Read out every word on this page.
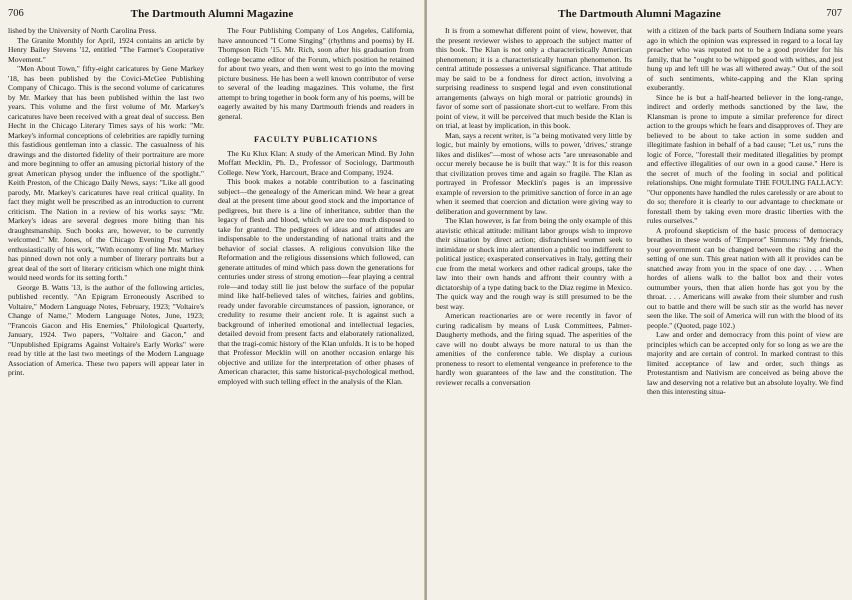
706	The Dartmouth Alumni Magazine

lished by the University of North Carolina Press.

The Granite Monthly for April, 1924 contains an article by Henry Bailey Stevens '12, entitled "The Farmer's Cooperative Movement."

"Men About Town," fifty-eight caricatures by Gene Markey '18, has been published by the Covici-McGee Publishing Company of Chicago. This is the second volume of caricatures by Mr. Markey that has been published within the last two years. This volume and the first volume of Mr. Markey's caricatures have been received with a great deal of success. Ben Hecht in the Chicago Literary Times says of his work: "Mr. Markey's informal conceptions of celebrities are rapidly turning this fastidious gentleman into a classic. The casualness of his drawings and the distorted fidelity of their portraiture are more and more beginning to offer an amusing pictorial history of the great American physog under the influence of the spotlight." Keith Preston, of the Chicago Daily News, says: "Like all good parody, Mr. Markey's caricatures have real critical quality. In fact they might well be prescribed as an introduction to current criticism. The Nation in a review of his works says: "Mr. Markey's ideas are several degrees more biting than his draughtsmanship. Such books are, however, to be currently welcomed." Mr. Jones, of the Chicago Evening Post writes enthusiastically of his work, "With economy of line Mr. Markey has pinned down not only a number of literary portraits but a great deal of the sort of literary criticism which one might think would need words for its setting forth."

George B. Watts '13, is the author of the following articles, published recently. "An Epigram Erroneously Ascribed to Voltaire," Modern Language Notes, February, 1923; "Voltaire's Change of Name," Modern Language Notes, June, 1923; "Francois Gacon and His Enemies," Philological Quarterly, January, 1924. Two papers, "Voltaire and Gacon," and "Unpublished Epigrams Against Voltaire's Early Works" were read by title at the last two meetings of the Modern Language Association of America. These two papers will appear later in print.

The Four Publishing Company of Los Angeles, California, have announced "I Come Singing" (rhythms and poems) by H. Thompson Rich '15. Mr. Rich, soon after his graduation from college became editor of the Forum, which position he retained for about two years, and then went west to go into the moving picture business. He has been a well known contributor of verse to several of the leading magazines. This volume, the first attempt to bring together in book form any of his poems, will be eagerly awaited by his many Dartmouth friends and readers in general.

FACULTY PUBLICATIONS

The Ku Klux Klan: A study of the American Mind. By John Moffatt Mecklin, Ph. D., Professor of Sociology, Dartmouth College. New York, Harcourt, Brace and Company, 1924.

This book makes a notable contribution to a fascinating subject—the genealogy of the American mind. We hear a great deal at the present time about good stock and the importance of pedigrees, but there is a line of inheritance, subtler than the legacy of flesh and blood, which we are too much disposed to take for granted. The pedigrees of ideas and of attitudes are indispensable to the understanding of national traits and the behavior of social classes. A religious convulsion like the Reformation and the religious dissensions which followed, can generate attitudes of mind which pass down the generations for centuries under stress of strong emotion—fear playing a central role—and today still lie just below the surface of the popular mind like half-believed tales of witches, fairies and goblins, ready under favorable circumstances of passion, ignorance, or credulity to resume their ancient role. It is against such a background of inherited emotional and intellectual legacies, detailed devoid from present facts and elaborately rationalized, that the tragi-comic history of the Klan unfolds. It is to be hoped that Professor Mecklin will on another occasion enlarge his objective and utilize for the interpretation of other phases of American character, this same historical-psychological method, employed with such telling effect in the analysis of the Klan.

The Dartmouth Alumni Magazine	707

It is from a somewhat different point of view, however, that the present reviewer wishes to approach the subject matter of this book. The Klan is not only a characteristically American phenomenon; it is a characteristically human phenomenon. Its central attitude possesses a universal significance. That attitude may be said to be a fondness for direct action, involving a surprising readiness to suspend legal and even constitutional arrangements (always on high moral or patriotic grounds) in favor of some sort of passionate short-cut to welfare. From this point of view, it will be perceived that much beside the Klan is on trial, at least by implication, in this book.

Man, says a recent writer, is "a being motivated very little by logic, but mainly by emotions, wills to power, 'drives,' strange likes and dislikes"—most of whose acts "are unreasonable and occur merely because he is built that way." It is for this reason that civilization proves time and again so fragile. The Klan as portrayed in Professor Mecklin's pages is an impressive example of reversion to the primitive sanction of force in an age when it seemed that coercion and dictation were giving way to deliberation and government by law.

The Klan however, is far from being the only example of this atavistic ethical attitude: militant labor groups wish to improve their situation by direct action; disfranchised women seek to intimidate or shock into alert attention a public too indifferent to political justice; exasperated conservatives in Italy, getting their cue from the metal workers and other radical groups, take the law into their own hands and affront their country with a dictatorship of a type dating back to the Diaz regime in Mexico. The quick way and the rough way is still presumed to be the best way.

American reactionaries are or were recently in favor of curing radicalism by means of Lusk Committees, Palmer-Daugherty methods, and the firing squad. The asperities of the cave will no doubt always be more natural to us than the amenities of the conference table. We display a curious proneness to resort to elemental vengeance in preference to the hardly won guarantees of the law and the constitution. The reviewer recalls a conversation

with a citizen of the back parts of Southern Indiana some years ago in which the opinion was expressed in regard to a local lay preacher who was reputed not to be a good provider for his family, that he "ought to be whipped good with withes, and jest hung up and left till he was all withered away." Out of the soil of such sentiments, white-capping and the Klan spring exuberantly.

Since he is but a half-hearted believer in the long-range, indirect and orderly methods sanctioned by the law, the Klansman is prone to impute a similar preference for direct action to the groups which he fears and disapproves of. They are believed to be about to take action in some sudden and illegitimate fashion in behalf of a bad cause; "Let us," runs the logic of Force, "forestall their meditated illegalities by prompt and effective illegalities of our own in a good cause." Here is the secret of much of the fooling in social and political relationships. One might formulate THE FOULING FALLACY: "Our opponents have handled the rules carelessly or are about to do so; therefore it is clearly to our advantage to checkmate or forestall them by taking even more drastic liberties with the rules ourselves."

A profound skepticism of the basic process of democracy breathes in these words of "Emperor" Simmons: "My friends, your government can be changed between the rising and the setting of one sun. This great nation with all it provides can be snatched away from you in the space of one day. . . . When hordes of aliens walk to the ballot box and their votes outnumber yours, then that alien horde has got you by the throat. . . . Americans will awake from their slumber and rush out to battle and there will be such stir as the world has never seen the like. The soil of America will run with the blood of its people." (Quoted, page 102.)

Law and order and democracy from this point of view are principles which can be accepted only for so long as we are the majority and are certain of control. In marked contrast to this limited acceptance of law and order, such things as Protestantism and Nativism are conceived as being above the law and deserving not a relative but an absolute loyalty. We find then this interesting situa-
